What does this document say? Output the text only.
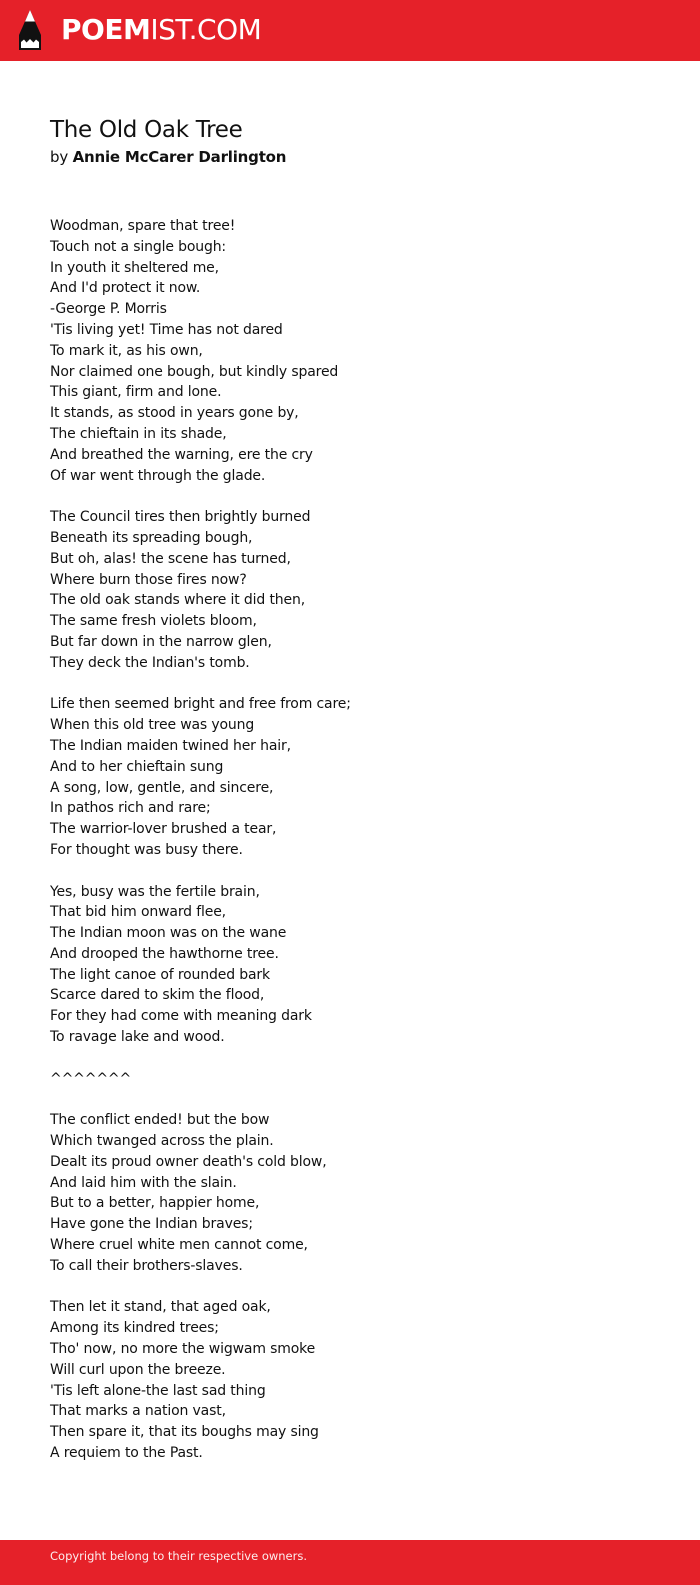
POEMIST.COM
The Old Oak Tree
by Annie McCarer Darlington
Woodman, spare that tree!
Touch not a single bough:
In youth it sheltered me,
And I'd protect it now.
-George P. Morris
'Tis living yet! Time has not dared
To mark it, as his own,
Nor claimed one bough, but kindly spared
This giant, firm and lone.
It stands, as stood in years gone by,
The chieftain in its shade,
And breathed the warning, ere the cry
Of war went through the glade.
The Council tires then brightly burned
Beneath its spreading bough,
But oh, alas! the scene has turned,
Where burn those fires now?
The old oak stands where it did then,
The same fresh violets bloom,
But far down in the narrow glen,
They deck the Indian's tomb.
Life then seemed bright and free from care;
When this old tree was young
The Indian maiden twined her hair,
And to her chieftain sung
A song, low, gentle, and sincere,
In pathos rich and rare;
The warrior-lover brushed a tear,
For thought was busy there.
Yes, busy was the fertile brain,
That bid him onward flee,
The Indian moon was on the wane
And drooped the hawthorne tree.
The light canoe of rounded bark
Scarce dared to skim the flood,
For they had come with meaning dark
To ravage lake and wood.
^^^^^^^
The conflict ended! but the bow
Which twanged across the plain.
Dealt its proud owner death's cold blow,
And laid him with the slain.
But to a better, happier home,
Have gone the Indian braves;
Where cruel white men cannot come,
To call their brothers-slaves.
Then let it stand, that aged oak,
Among its kindred trees;
Tho' now, no more the wigwam smoke
Will curl upon the breeze.
'Tis left alone-the last sad thing
That marks a nation vast,
Then spare it, that its boughs may sing
A requiem to the Past.
Copyright belong to their respective owners.
